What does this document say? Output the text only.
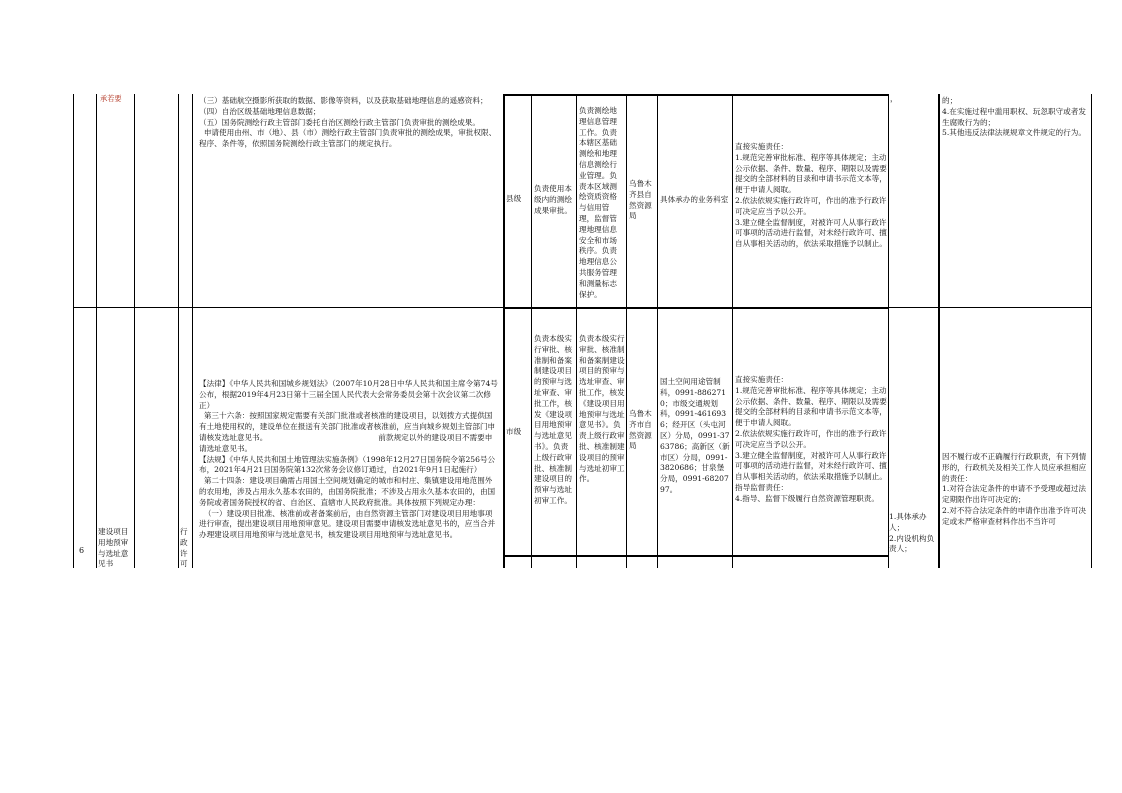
承若要	（三）基础航空摄影所获取的数据、影像等资料，以及获取基础地理信息的遥感资料；
（四）自治区级基础地理信息数据；
（五）国务院测绘行政主管部门委托自治区测绘行政主管部门负责审批的测绘成果。
申请使用由州、市（地）、县（市）测绘行政主管部门负责审批的测绘成果，审批权限、程序、条件等，依照国务院测绘行政主管部门的规定执行。
县级
负责使用本级内的测绘成果审批。
负责测绘地理信息管理工作。负责本辖区基础测绘和地理信息测绘行业管理。负责本区域测绘资质资格与信用管理，监督管理地理信息安全和市场秩序。负责地理信息公共服务管理和测量标志保护。
乌鲁木齐县自然资源局
具体承办的业务科室
直接实施责任：
1.规范完善审批标准、程序等具体规定；主动公示依据、条件、数量、程序、期限以及需要提交的全部材料的目录和申请书示范文本等，便于申请人阅取。
2.依法依规实施行政许可，作出的准予行政许可决定应当予以公开。
3.建立健全监督制度，对被许可人从事行政许可事项的活动进行监督，对未经行政许可、擅自从事相关活动的，依法采取措施予以制止。
，	的；
4.在实施过程中滥用职权、玩忽职守或者发生腐败行为的；
5.其他违反法律法规规章文件规定的行为。
6
建设项目用地预审与选址意见书
行政许可
【法律】《中华人民共和国城乡规划法》（2007年10月28日中华人民共和国主席令第74号公布，根据2019年4月23日第十三届全国人民代表大会常务委员会第十次会议第二次修正）
第三十六条：按照国家规定需要有关部门批准或者核准的建设项目，以划拨方式提供国有土地使用权的，建设单位在报送有关部门批准或者核准前，应当向城乡规划主管部门申请核发选址意见书。                                              前款规定以外的建设项目不需要申请选址意见书。
【法规】《中华人民共和国土地管理法实施条例》（1998年12月27日国务院令第256号公布，2021年4月21日国务院第132次常务会议修订通过，自2021年9月1日起施行）
第二十四条：建设项目确需占用国土空间规划确定的城市和村庄、集镇建设用地范围外的农用地，涉及占用永久基本农田的，由国务院批准；不涉及占用永久基本农田的，由国务院或者国务院授权的省、自治区、直辖市人民政府批准。具体按照下列规定办理：
（一）建设项目批准、核准前或者备案前后，由自然资源主管部门对建设项目用地事项进行审查，提出建设项目用地预审意见。建设项目需要申请核发选址意见书的，应当合并办理建设项目用地预审与选址意见书，核发建设项目用地预审与选址意见书。
市级
负责本级实行审批、核准制和备案制建设项目的预审与选址审查、审批工作，核发《建设项目用地预审与选址意见书》。负责上级行政审批、核准制建设项目的预审与选址初审工作。
负责本级实行审批、核准制和备案制建设项目的预审与选址审查、审批工作，核发《建设项目用地预审与选址意见书》。负责上级行政审批、核准制建设项目的预审与选址初审工作。
乌鲁木齐市自然资源局
国土空间用途管制科，0991-8862710；市级交通规划科，0991-4616936；经开区（头屯河区）分局，0991-3763786；高新区（新市区）分局，0991-3820686；甘泉堡分局，0991-6820797。
直接实施责任：
1.规范完善审批标准、程序等具体规定；主动公示依据、条件、数量、程序、期限以及需要提交的全部材料的目录和申请书示范文本等，便于申请人阅取。
2.依法依规实施行政许可，作出的准予行政许可决定应当予以公开。
3.建立健全监督制度，对被许可人从事行政许可事项的活动进行监督，对未经行政许可、擅自从事相关活动的，依法采取措施予以制止。
指导监督责任：
4.指导、监督下级履行自然资源管理职责。
1.具体承办人；
2.内设机构负责人；
因不履行或不正确履行行政职责，有下列情形的，行政机关及相关工作人员应承担相应的责任：
1.对符合法定条件的申请不予受理或超过法定期限作出许可决定的；
2.对不符合法定条件的申请作出准予许可决定或未严格审查材料作出不当许可
